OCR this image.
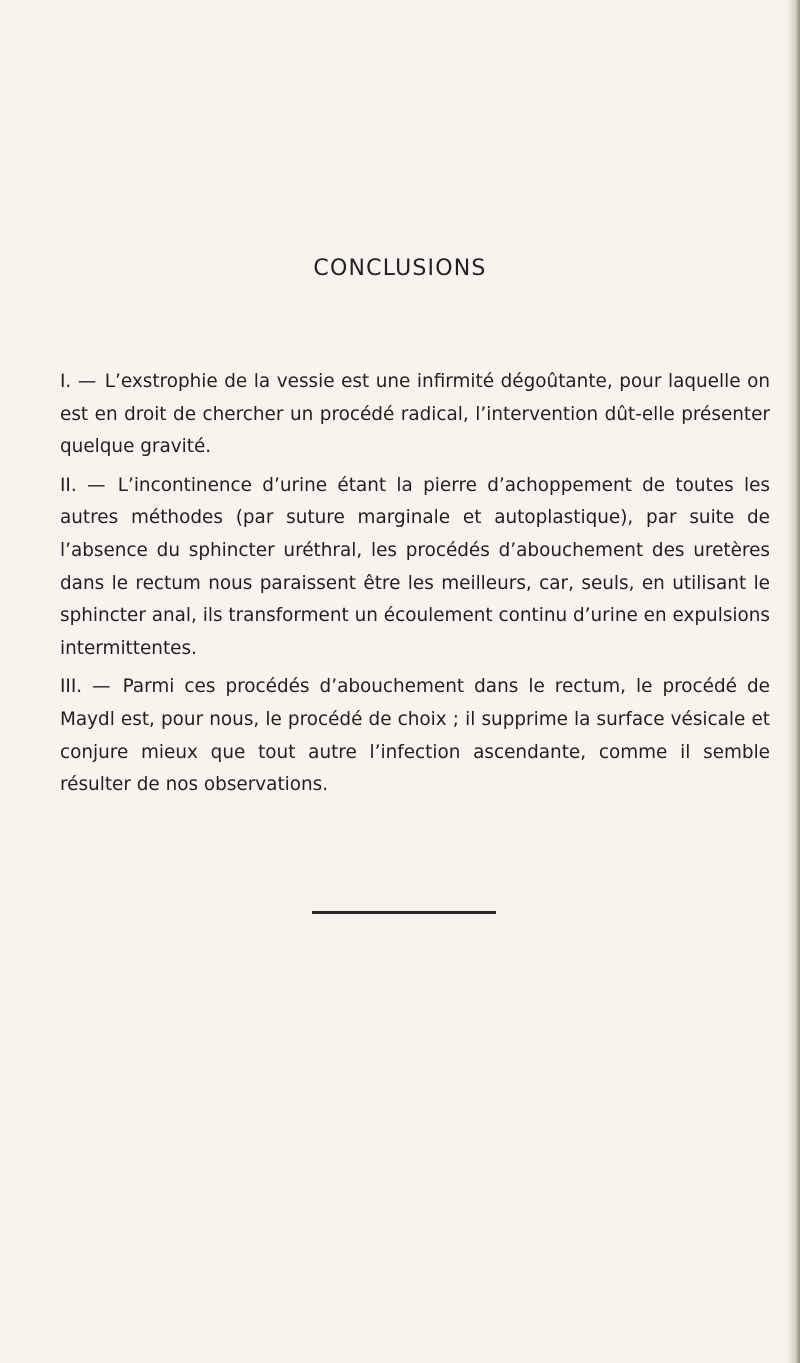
CONCLUSIONS

I. — L’exstrophie de la vessie est une infirmité dégoûtante, pour laquelle on est en droit de chercher un procédé radical, l’intervention dût-elle présenter quelque gravité.

II. — L’incontinence d’urine étant la pierre d’achoppement de toutes les autres méthodes (par suture marginale et autoplastique), par suite de l’absence du sphincter uréthral, les procédés d’abouchement des uretères dans le rectum nous paraissent être les meilleurs, car, seuls, en utilisant le sphincter anal, ils transforment un écoulement continu d’urine en expulsions intermittentes.

III. — Parmi ces procédés d’abouchement dans le rectum, le procédé de Maydl est, pour nous, le procédé de choix ; il supprime la surface vésicale et conjure mieux que tout autre l’infection ascendante, comme il semble résulter de nos observations.
